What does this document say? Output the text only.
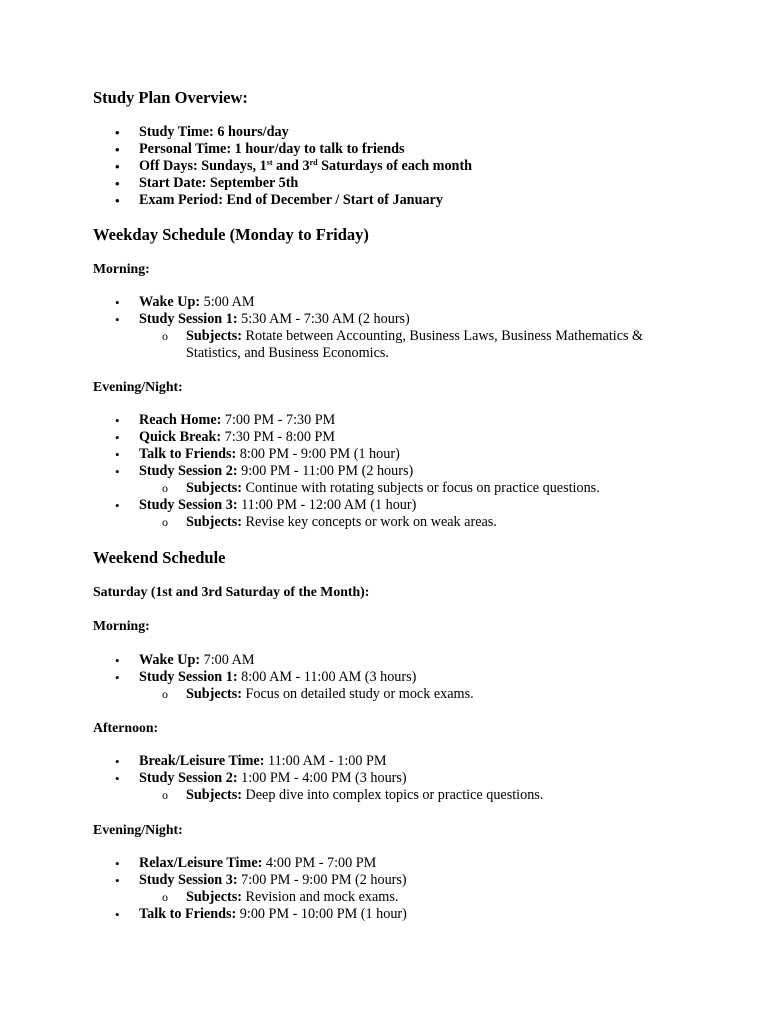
Study Plan Overview:
• Study Time: 6 hours/day
• Personal Time: 1 hour/day to talk to friends
• Off Days: Sundays, 1st and 3rd Saturdays of each month
• Start Date: September 5th
• Exam Period: End of December / Start of January
Weekday Schedule (Monday to Friday)
Morning:
• Wake Up: 5:00 AM
• Study Session 1: 5:30 AM - 7:30 AM (2 hours)
o Subjects: Rotate between Accounting, Business Laws, Business Mathematics & Statistics, and Business Economics.
Evening/Night:
• Reach Home: 7:00 PM - 7:30 PM
• Quick Break: 7:30 PM - 8:00 PM
• Talk to Friends: 8:00 PM - 9:00 PM (1 hour)
• Study Session 2: 9:00 PM - 11:00 PM (2 hours)
o Subjects: Continue with rotating subjects or focus on practice questions.
• Study Session 3: 11:00 PM - 12:00 AM (1 hour)
o Subjects: Revise key concepts or work on weak areas.
Weekend Schedule
Saturday (1st and 3rd Saturday of the Month):
Morning:
• Wake Up: 7:00 AM
• Study Session 1: 8:00 AM - 11:00 AM (3 hours)
o Subjects: Focus on detailed study or mock exams.
Afternoon:
• Break/Leisure Time: 11:00 AM - 1:00 PM
• Study Session 2: 1:00 PM - 4:00 PM (3 hours)
o Subjects: Deep dive into complex topics or practice questions.
Evening/Night:
• Relax/Leisure Time: 4:00 PM - 7:00 PM
• Study Session 3: 7:00 PM - 9:00 PM (2 hours)
o Subjects: Revision and mock exams.
• Talk to Friends: 9:00 PM - 10:00 PM (1 hour)
